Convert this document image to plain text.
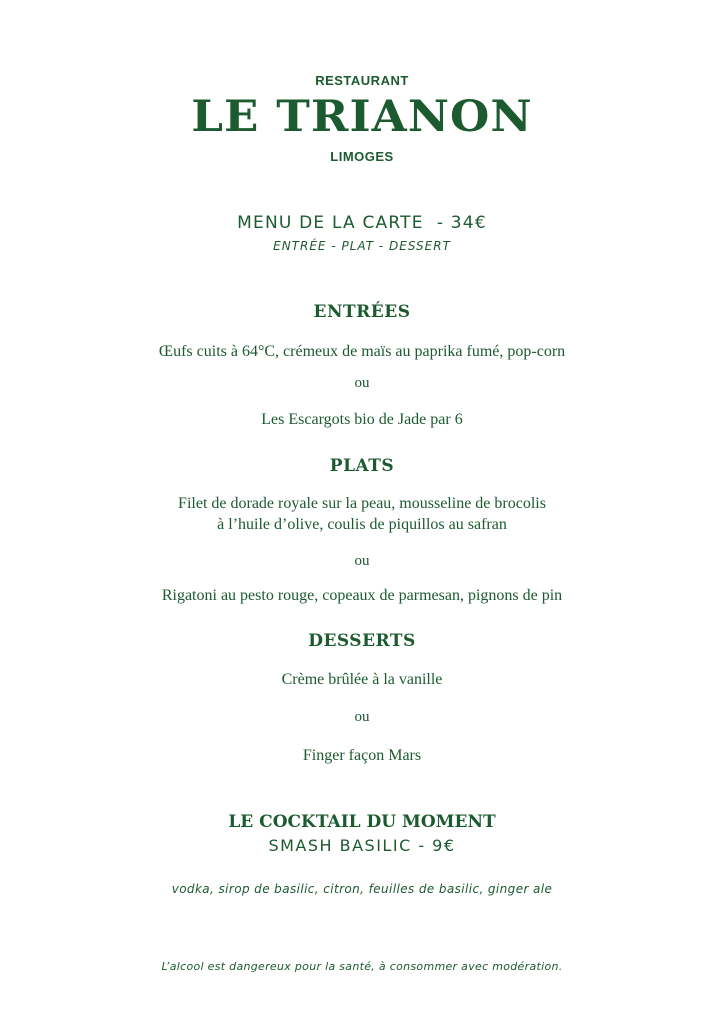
RESTAURANT
LE TRIANON
LIMOGES
MENU DE LA CARTE  - 34€
ENTRÉE - PLAT - DESSERT
ENTRÉES
Œufs cuits à 64°C, crémeux de maïs au paprika fumé, pop-corn
ou
Les Escargots bio de Jade par 6
PLATS
Filet de dorade royale sur la peau, mousseline de brocolis
à l’huile d’olive, coulis de piquillos au safran
ou
Rigatoni au pesto rouge, copeaux de parmesan, pignons de pin
DESSERTS
Crème brûlée à la vanille
ou
Finger façon Mars
LE COCKTAIL DU MOMENT
SMASH BASILIC - 9€
vodka, sirop de basilic, citron, feuilles de basilic, ginger ale
L’alcool est dangereux pour la santé, à consommer avec modération.
